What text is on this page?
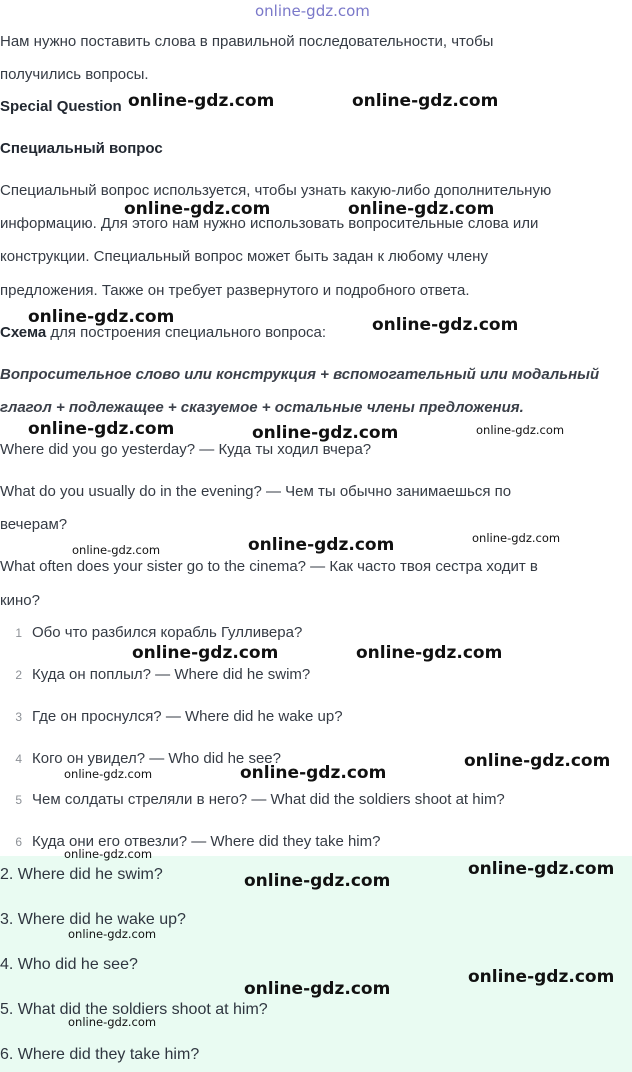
online-gdz.com
Нам нужно поставить слова в правильной последовательности, чтобы
получились вопросы.
Special Question online-gdz.com	online-gdz.com
Специальный вопрос
Специальный вопрос используется, чтобы узнать какую-либо дополнительную
информацию. Для этого нам нужно использовать вопросительные слова или
online-gdz.com	online-gdz.com
конструкции. Специальный вопрос может быть задан к любому члену
предложения. Также он требует развернутого и подробного ответа.
Схема для построения специального вопроса:
online-gdz.com	online-gdz.com
Вопросительное слово или конструкция + вспомогательный или модальный
глагол + подлежащее + сказуемое + остальные члены предложения.
online-gdz.com	online-gdz.com	online-gdz.com
Where did you go yesterday? — Куда ты ходил вчера?
What do you usually do in the evening? — Чем ты обычно занимаешься по
вечерам?
online-gdz.com
online-gdz.com
online-gdz.com
What often does your sister go to the cinema? — Как часто твоя сестра ходит в
кино?
1 Обо что разбился корабль Гулливера?
online-gdz.com	online-gdz.com
2 Куда он поплыл? — Where did he swim?
3 Где он проснулся? — Where did he wake up?
4 Кого он увидел? — Who did he see?	online-gdz.com
online-gdz.com	online-gdz.com
5 Чем солдаты стреляли в него? — What did the soldiers shoot at him?
6 Куда они его отвезли? — Where did they take him?
online-gdz.com
online-gdz.com
2. Where did he swim?	online-gdz.com
3. Where did he wake up?
online-gdz.com
4. Who did he see?
online-gdz.com
online-gdz.com
5. What did the soldiers shoot at him?
online-gdz.com
6. Where did they take him?
